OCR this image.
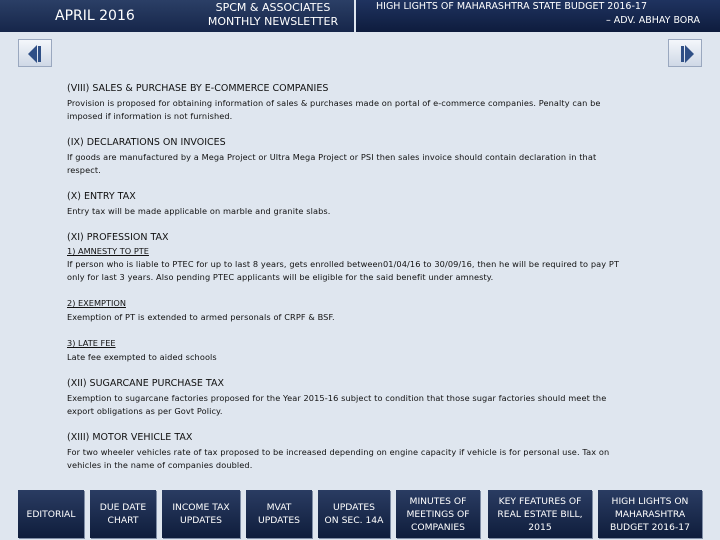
APRIL 2016
SPCM & ASSOCIATES
MONTHLY NEWSLETTER
HIGH LIGHTS OF MAHARASHTRA STATE BUDGET 2016-17
– ADV. ABHAY BORA
(VIII) SALES & PURCHASE BY E-COMMERCE COMPANIES
Provision is proposed for obtaining information of sales & purchases made on portal of e-commerce companies. Penalty can be
imposed if information is not furnished.
(IX) DECLARATIONS ON INVOICES
If goods are manufactured by a Mega Project or Ultra Mega Project or PSI then sales invoice should contain declaration in that
respect.
(X) ENTRY TAX
Entry tax will be made applicable on marble and granite slabs.
(XI) PROFESSION TAX
1) AMNESTY TO PTE
If person who is liable to PTEC for up to last 8 years, gets enrolled between01/04/16 to 30/09/16, then he will be required to pay PT
only for last 3 years. Also pending PTEC applicants will be eligible for the said benefit under amnesty.
2) EXEMPTION
Exemption of PT is extended to armed personals of CRPF & BSF.
3) LATE FEE
Late fee exempted to aided schools
(XII) SUGARCANE PURCHASE TAX
Exemption to sugarcane factories proposed for the Year 2015-16 subject to condition that those sugar factories should meet the
export obligations as per Govt Policy.
(XIII) MOTOR VEHICLE TAX
For two wheeler vehicles rate of tax proposed to be increased depending on engine capacity if vehicle is for personal use. Tax on
vehicles in the name of companies doubled.
EDITORIAL
DUE DATE
CHART
INCOME TAX
UPDATES
MVAT
UPDATES
UPDATES
ON SEC. 14A
MINUTES OF
MEETINGS OF
COMPANIES
KEY FEATURES OF
REAL ESTATE BILL,
2015
HIGH LIGHTS ON
MAHARASHTRA
BUDGET 2016-17
